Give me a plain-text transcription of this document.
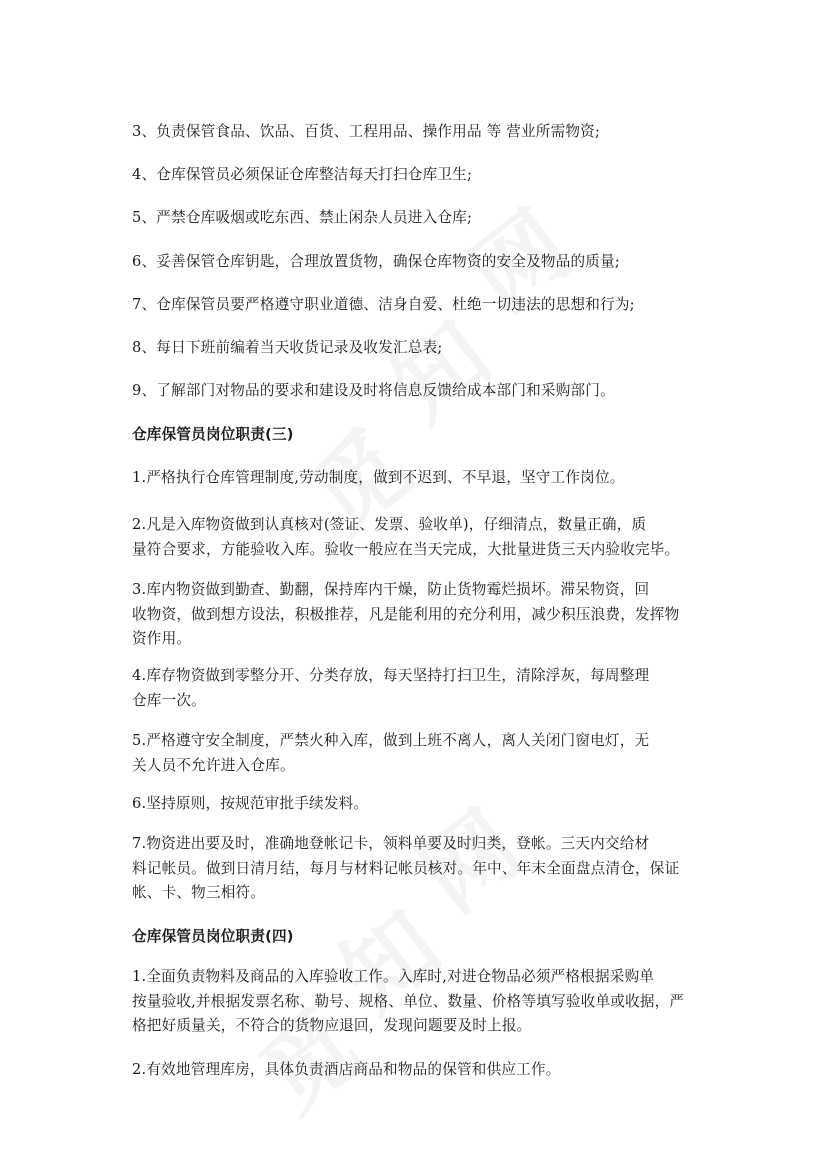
3、负责保管食品、饮品、百货、工程用品、操作用品 等 营业所需物资;
4、仓库保管员必须保证仓库整洁每天打扫仓库卫生;
5、严禁仓库吸烟或吃东西、禁止闲杂人员进入仓库;
6、妥善保管仓库钥匙，合理放置货物，确保仓库物资的安全及物品的质量;
7、仓库保管员要严格遵守职业道德、洁身自爱、杜绝一切违法的思想和行为;
8、每日下班前编着当天收货记录及收发汇总表;
9、了解部门对物品的要求和建设及时将信息反馈给成本部门和采购部门。
仓库保管员岗位职责(三)
1.严格执行仓库管理制度,劳动制度，做到不迟到、不早退，坚守工作岗位。
2.凡是入库物资做到认真核对(签证、发票、验收单)，仔细清点，数量正确，质
量符合要求，方能验收入库。验收一般应在当天完成，大批量进货三天内验收完毕。
3.库内物资做到勤查、勤翻，保持库内干燥，防止货物霉烂损坏。滞呆物资，回
收物资，做到想方设法，积极推荐，凡是能利用的充分利用，减少积压浪费，发挥物
资作用。
4.库存物资做到零整分开、分类存放，每天坚持打扫卫生，清除浮灰，每周整理
仓库一次。
5.严格遵守安全制度，严禁火种入库，做到上班不离人，离人关闭门窗电灯，无
关人员不允许进入仓库。
6.坚持原则，按规范审批手续发料。
7.物资进出要及时，准确地登帐记卡，领料单要及时归类，登帐。三天内交给材
料记帐员。做到日清月结，每月与材料记帐员核对。年中、年末全面盘点清仓，保证
帐、卡、物三相符。
仓库保管员岗位职责(四)
1.全面负责物料及商品的入库验收工作。入库时,对进仓物品必须严格根据采购单
按量验收,并根据发票名称、勒号、规格、单位、数量、价格等填写验收单或收据，严
格把好质量关，不符合的货物应退回，发现问题要及时上报。
2.有效地管理库房，具体负责酒店商品和物品的保管和供应工作。
